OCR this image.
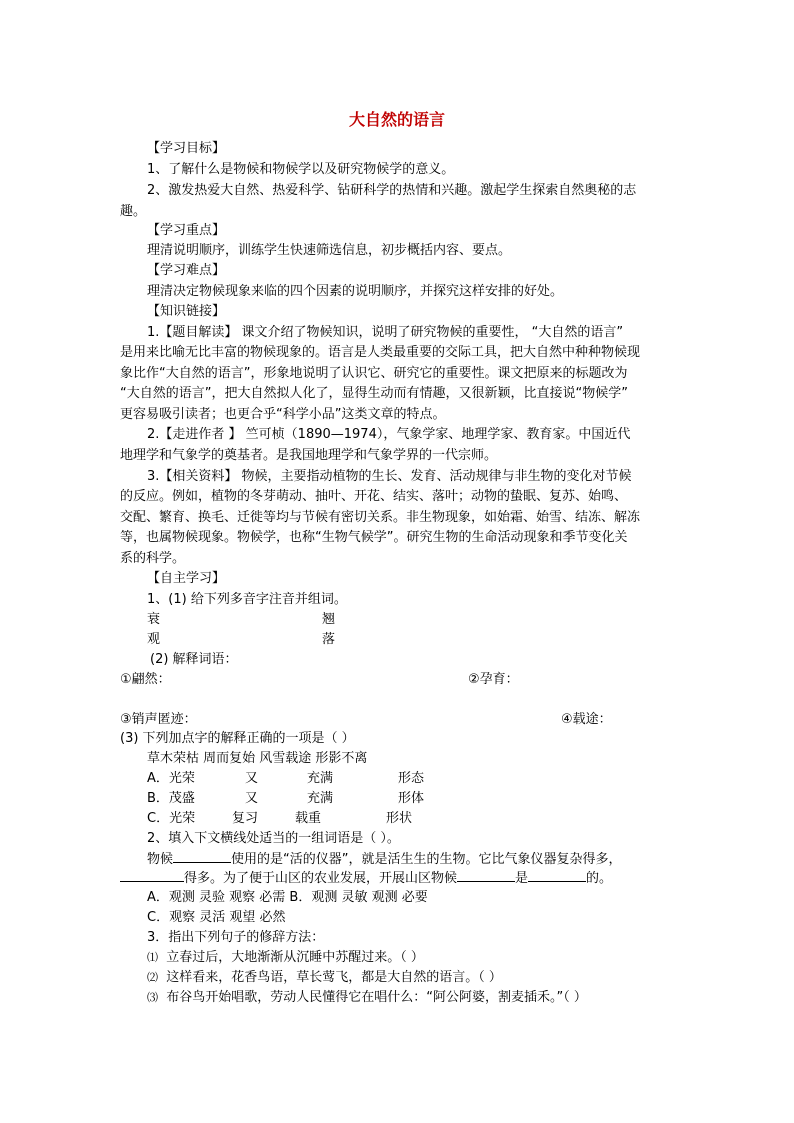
大自然的语言
【学习目标】
1、了解什么是物候和物候学以及研究物候学的意义。
2、激发热爱大自然、热爱科学、钻研科学的热情和兴趣。激起学生探索自然奥秘的志
趣。
【学习重点】
理清说明顺序，训练学生快速筛选信息，初步概括内容、要点。
【学习难点】
理清决定物候现象来临的四个因素的说明顺序，并探究这样安排的好处。
【知识链接】
1.【题目解读】 课文介绍了物候知识，说明了研究物候的重要性， “大自然的语言”
是用来比喻无比丰富的物候现象的。语言是人类最重要的交际工具，把大自然中种种物候现
象比作“大自然的语言”，形象地说明了认识它、研究它的重要性。课文把原来的标题改为
“大自然的语言”，把大自然拟人化了，显得生动而有情趣，又很新颖，比直接说“物候学”
更容易吸引读者；也更合乎“科学小品”这类文章的特点。
2.【走进作者 】 竺可桢（1890—1974），气象学家、地理学家、教育家。中国近代
地理学和气象学的奠基者。是我国地理学和气象学界的一代宗师。
3.【相关资料】 物候，主要指动植物的生长、发育、活动规律与非生物的变化对节候
的反应。例如，植物的冬芽萌动、抽叶、开花、结实、落叶；动物的蛰眠、复苏、始鸣、
交配、繁育、换毛、迁徙等均与节候有密切关系。非生物现象，如始霜、始雪、结冻、解冻
等，也属物候现象。物候学，也称“生物气候学”。研究生物的生命活动现象和季节变化关
系的科学。
【自主学习】
1、(1) 给下列多音字注音并组词。
衰	翘
观	落
(2) 解释词语：
①翩然：	②孕育：
③销声匿迹：	④载途：
(3) 下列加点字的解释正确的一项是（ ）
草木荣枯 周而复始 风雪载途 形影不离
A．光荣	又	充满	形态
B．茂盛	又	充满	形体
C．光荣	复习	载重	形状
2、填入下文横线处适当的一组词语是（ ）。
物候	使用的是“活的仪器”，就是活生生的生物。它比气象仪器复杂得多，
得多。为了便于山区的农业发展，开展山区物候	是	的。
A．观测 灵验 观察 必需 B．观测 灵敏 观测 必要
C．观察 灵活 观望 必然
3．指出下列句子的修辞方法：
⑴ 立春过后，大地渐渐从沉睡中苏醒过来。（ ）
⑵ 这样看来，花香鸟语，草长莺飞，都是大自然的语言。（ ）
⑶ 布谷鸟开始唱歌，劳动人民懂得它在唱什么：“阿公阿婆，割麦插禾。”（ ）
